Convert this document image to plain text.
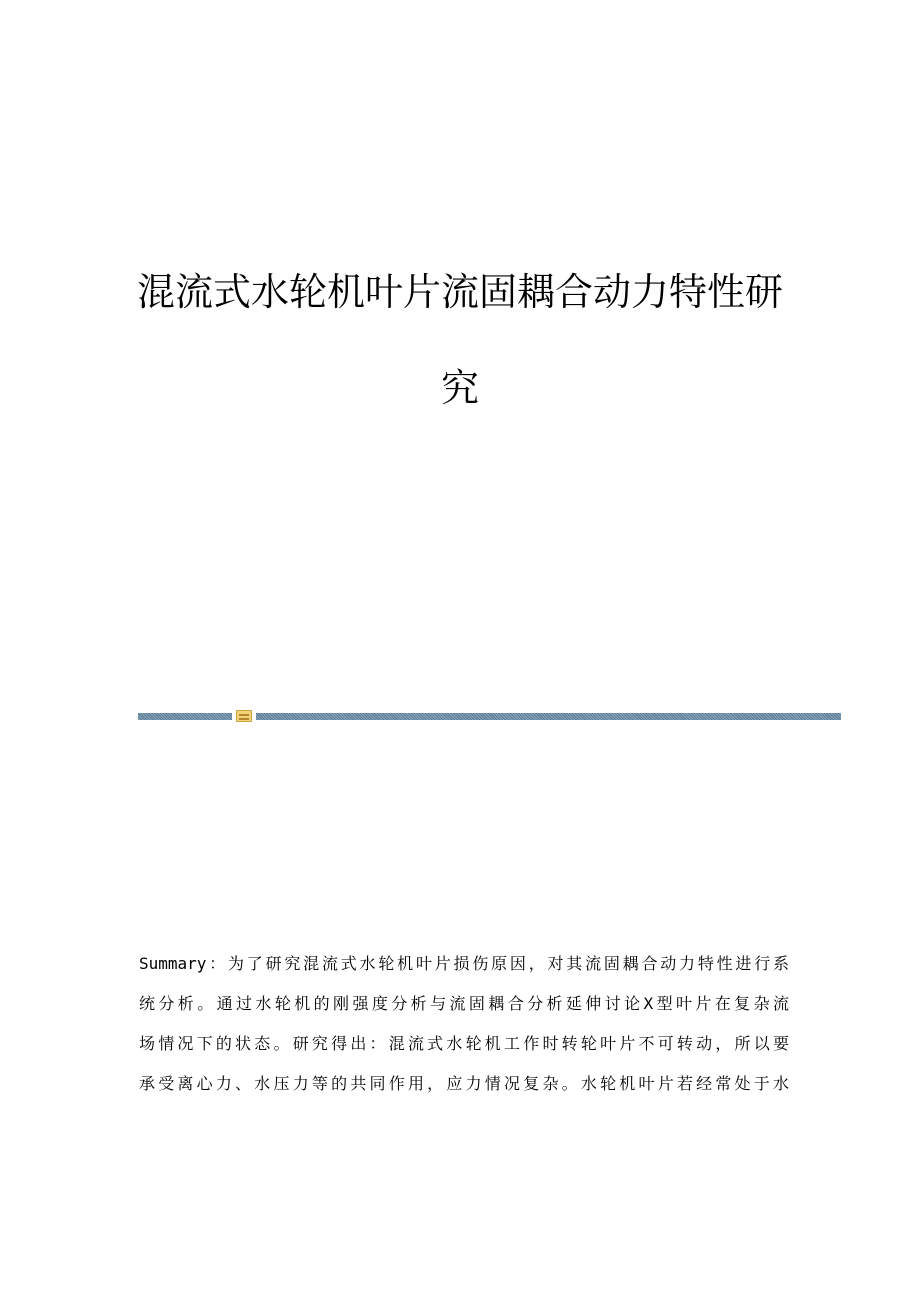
混流式水轮机叶片流固耦合动力特性研
究
Summary：为了研究混流式水轮机叶片损伤原因，对其流固耦合动力特性进行系
统分析。通过水轮机的刚强度分析与流固耦合分析延伸讨论X型叶片在复杂流
场情况下的状态。研究得出：混流式水轮机工作时转轮叶片不可转动，所以要
承受离心力、水压力等的共同作用，应力情况复杂。水轮机叶片若经常处于水
